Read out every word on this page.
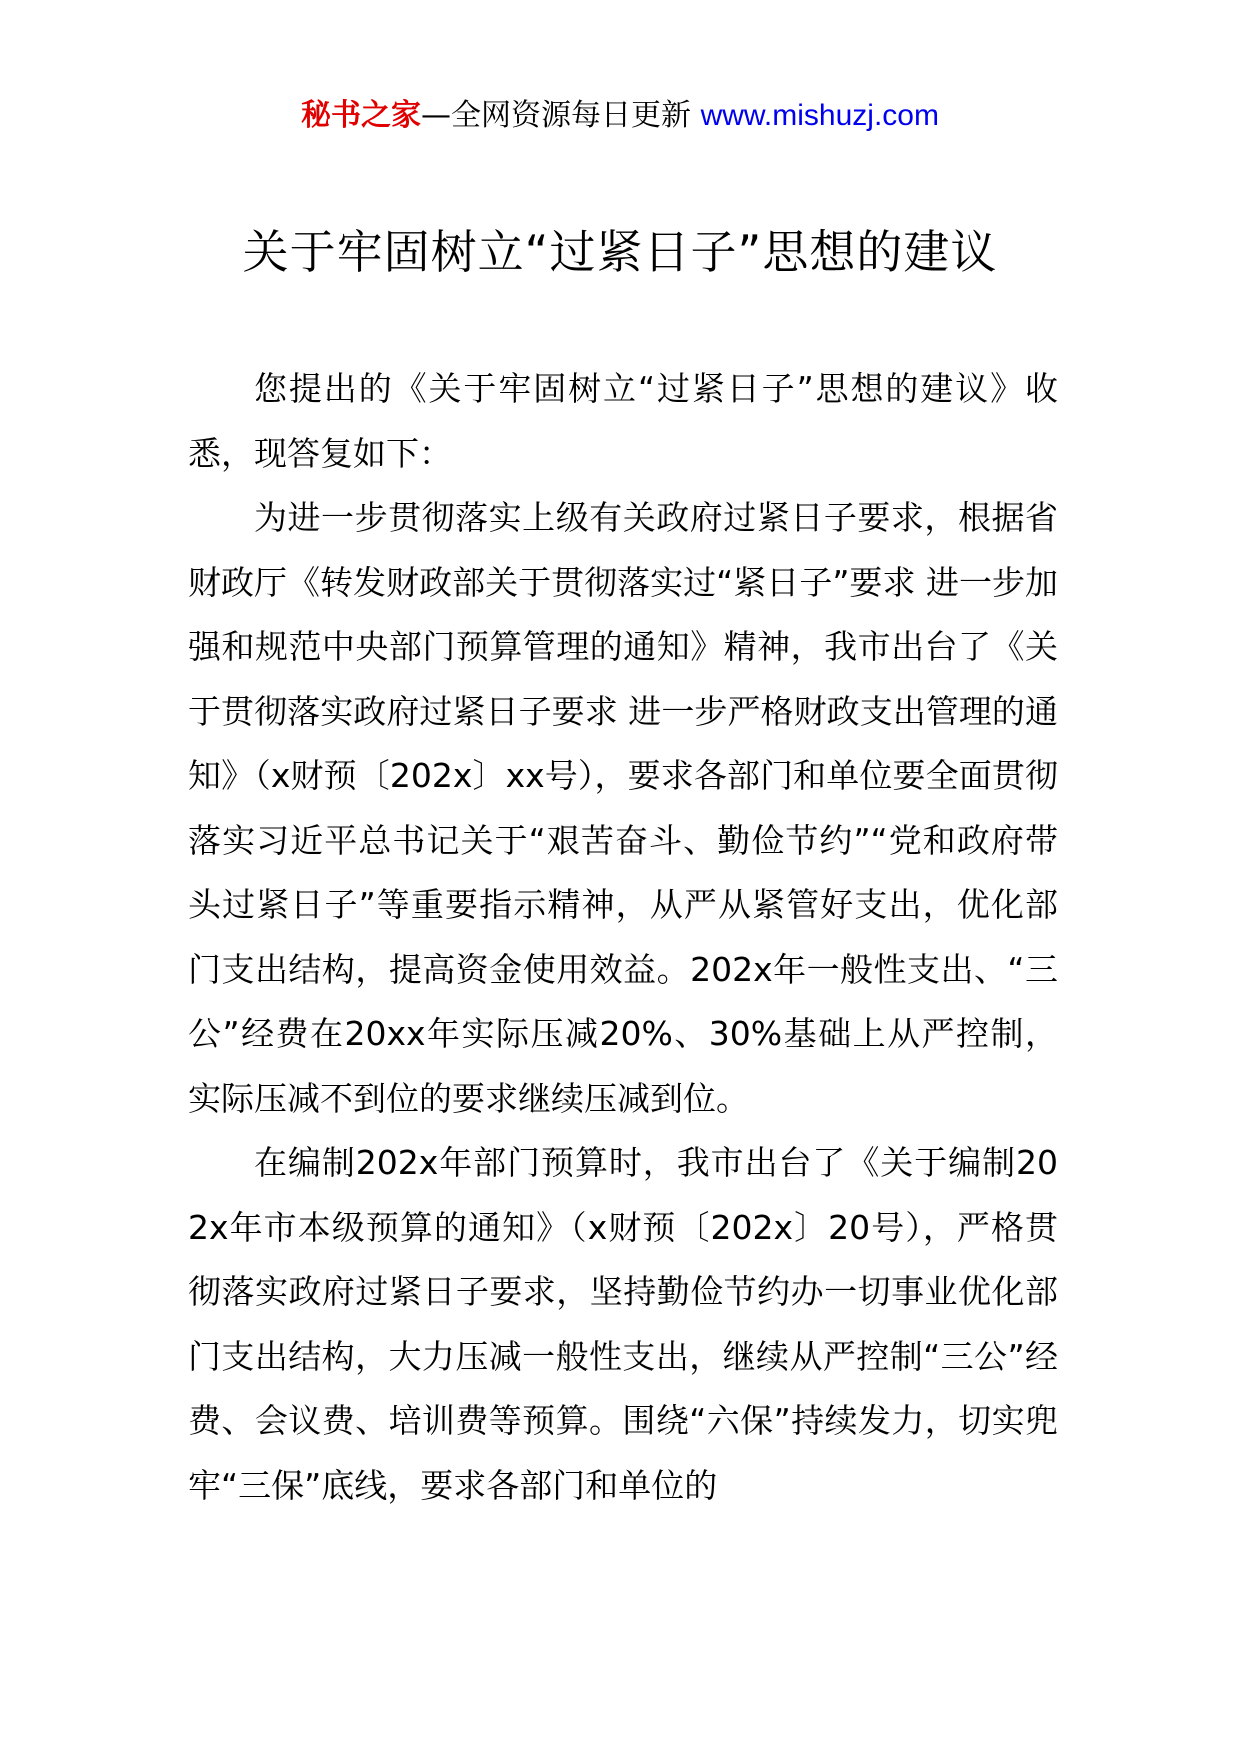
秘书之家—全网资源每日更新 www.mishuzj.com
关于牢固树立“过紧日子”思想的建议

您提出的《关于牢固树立“过紧日子”思想的建议》收悉，现答复如下：

为进一步贯彻落实上级有关政府过紧日子要求，根据省财政厅《转发财政部关于贯彻落实过“紧日子”要求 进一步加强和规范中央部门预算管理的通知》精神，我市出台了《关于贯彻落实政府过紧日子要求 进一步严格财政支出管理的通知》（x财预〔202x〕xx号），要求各部门和单位要全面贯彻落实习近平总书记关于“艰苦奋斗、勤俭节约”“党和政府带头过紧日子”等重要指示精神，从严从紧管好支出，优化部门支出结构，提高资金使用效益。202x年一般性支出、“三公”经费在20xx年实际压减20%、30%基础上从严控制，实际压减不到位的要求继续压减到位。

在编制202x年部门预算时，我市出台了《关于编制202x年市本级预算的通知》（x财预〔202x〕20号），严格贯彻落实政府过紧日子要求，坚持勤俭节约办一切事业优化部门支出结构，大力压减一般性支出，继续从严控制“三公”经费、会议费、培训费等预算。围绕“六保”持续发力，切实兜牢“三保”底线，要求各部门和单位的
